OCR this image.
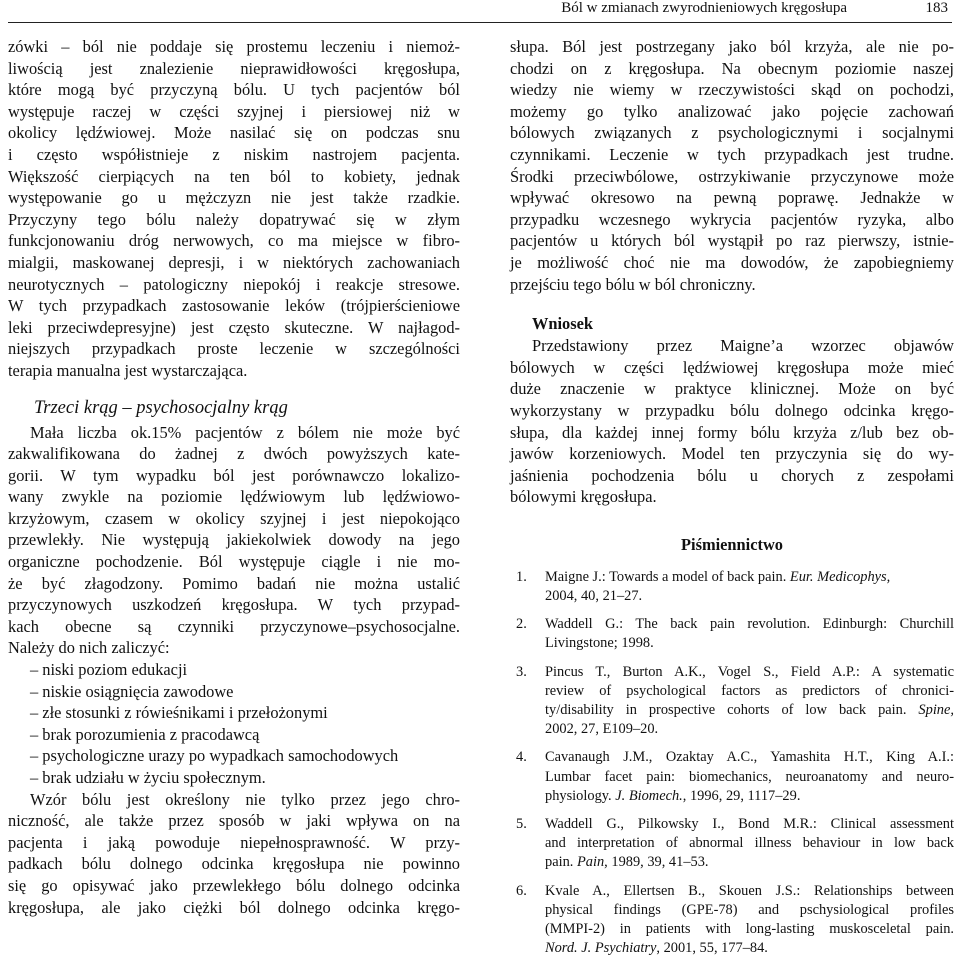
Ból w zmianach zwyrodnieniowych kręgosłupa	183
zówki – ból nie poddaje się prostemu leczeniu i niemoż-
liwością jest znalezienie nieprawidłowości kręgosłupa,
które mogą być przyczyną bólu. U tych pacjentów ból
występuje raczej w części szyjnej i piersiowej niż w
okolicy lędźwiowej. Może nasilać się on podczas snu
i często współistnieje z niskim nastrojem pacjenta.
Większość cierpiących na ten ból to kobiety, jednak
występowanie go u mężczyzn nie jest także rzadkie.
Przyczyny tego bólu należy dopatrywać się w złym
funkcjonowaniu dróg nerwowych, co ma miejsce w fibro-
mialgii, maskowanej depresji, i w niektórych zachowaniach
neurotycznych – patologiczny niepokój i reakcje stresowe.
W tych przypadkach zastosowanie leków (trójpierścieniowe
leki przeciwdepresyjne) jest często skuteczne. W najłagod-
niejszych przypadkach proste leczenie w szczególności
terapia manualna jest wystarczająca.
Trzeci krąg – psychosocjalny krąg
Mała liczba ok.15% pacjentów z bólem nie może być
zakwalifikowana do żadnej z dwóch powyższych kate-
gorii. W tym wypadku ból jest porównawczo lokalizo-
wany zwykle na poziomie lędźwiowym lub lędźwiowo-
krzyżowym, czasem w okolicy szyjnej i jest niepokojąco
przewlekły. Nie występują jakiekolwiek dowody na jego
organiczne pochodzenie. Ból występuje ciągle i nie mo-
że być złagodzony. Pomimo badań nie można ustalić
przyczynowych uszkodzeń kręgosłupa. W tych przypad-
kach obecne są czynniki przyczynowe–psychosocjalne.
Należy do nich zaliczyć:
– niski poziom edukacji
– niskie osiągnięcia zawodowe
– złe stosunki z rówieśnikami i przełożonymi
– brak porozumienia z pracodawcą
– psychologiczne urazy po wypadkach samochodowych
– brak udziału w życiu społecznym.
Wzór bólu jest określony nie tylko przez jego chro-
niczność, ale także przez sposób w jaki wpływa on na
pacjenta i jaką powoduje niepełnosprawność. W przy-
padkach bólu dolnego odcinka kręgosłupa nie powinno
się go opisywać jako przewlekłego bólu dolnego odcinka
kręgosłupa, ale jako ciężki ból dolnego odcinka kręgo-
słupa. Ból jest postrzegany jako ból krzyża, ale nie po-
chodzi on z kręgosłupa. Na obecnym poziomie naszej
wiedzy nie wiemy w rzeczywistości skąd on pochodzi,
możemy go tylko analizować jako pojęcie zachowań
bólowych związanych z psychologicznymi i socjalnymi
czynnikami. Leczenie w tych przypadkach jest trudne.
Środki przeciwbólowe, ostrzykiwanie przyczynowe może
wpływać okresowo na pewną poprawę. Jednakże w
przypadku wczesnego wykrycia pacjentów ryzyka, albo
pacjentów u których ból wystąpił po raz pierwszy, istnie-
je możliwość choć nie ma dowodów, że zapobiegniemy
przejściu tego bólu w ból chroniczny.
Wniosek
Przedstawiony przez Maigne’a wzorzec objawów
bólowych w części lędźwiowej kręgosłupa może mieć
duże znaczenie w praktyce klinicznej. Może on być
wykorzystany w przypadku bólu dolnego odcinka kręgo-
słupa, dla każdej innej formy bólu krzyża z/lub bez ob-
jawów korzeniowych. Model ten przyczynia się do wy-
jaśnienia pochodzenia bólu u chorych z zespołami
bólowymi kręgosłupa.
Piśmiennictwo
1. Maigne J.: Towards a model of back pain. Eur. Medicophys,
2004, 40, 21–27.
2. Waddell G.: The back pain revolution. Edinburgh: Churchill
Livingstone; 1998.
3. Pincus T., Burton A.K., Vogel S., Field A.P.: A systematic
review of psychological factors as predictors of chronici-
ty/disability in prospective cohorts of low back pain. Spine,
2002, 27, E109–20.
4. Cavanaugh J.M., Ozaktay A.C., Yamashita H.T., King A.I.:
Lumbar facet pain: biomechanics, neuroanatomy and neuro-
physiology. J. Biomech., 1996, 29, 1117–29.
5. Waddell G., Pilkowsky I., Bond M.R.: Clinical assessment
and interpretation of abnormal illness behaviour in low back
pain. Pain, 1989, 39, 41–53.
6. Kvale A., Ellertsen B., Skouen J.S.: Relationships between
physical findings (GPE-78) and pschysiological profiles
(MMPI-2) in patients with long-lasting muskosceletal pain.
Nord. J. Psychiatry, 2001, 55, 177–84.
